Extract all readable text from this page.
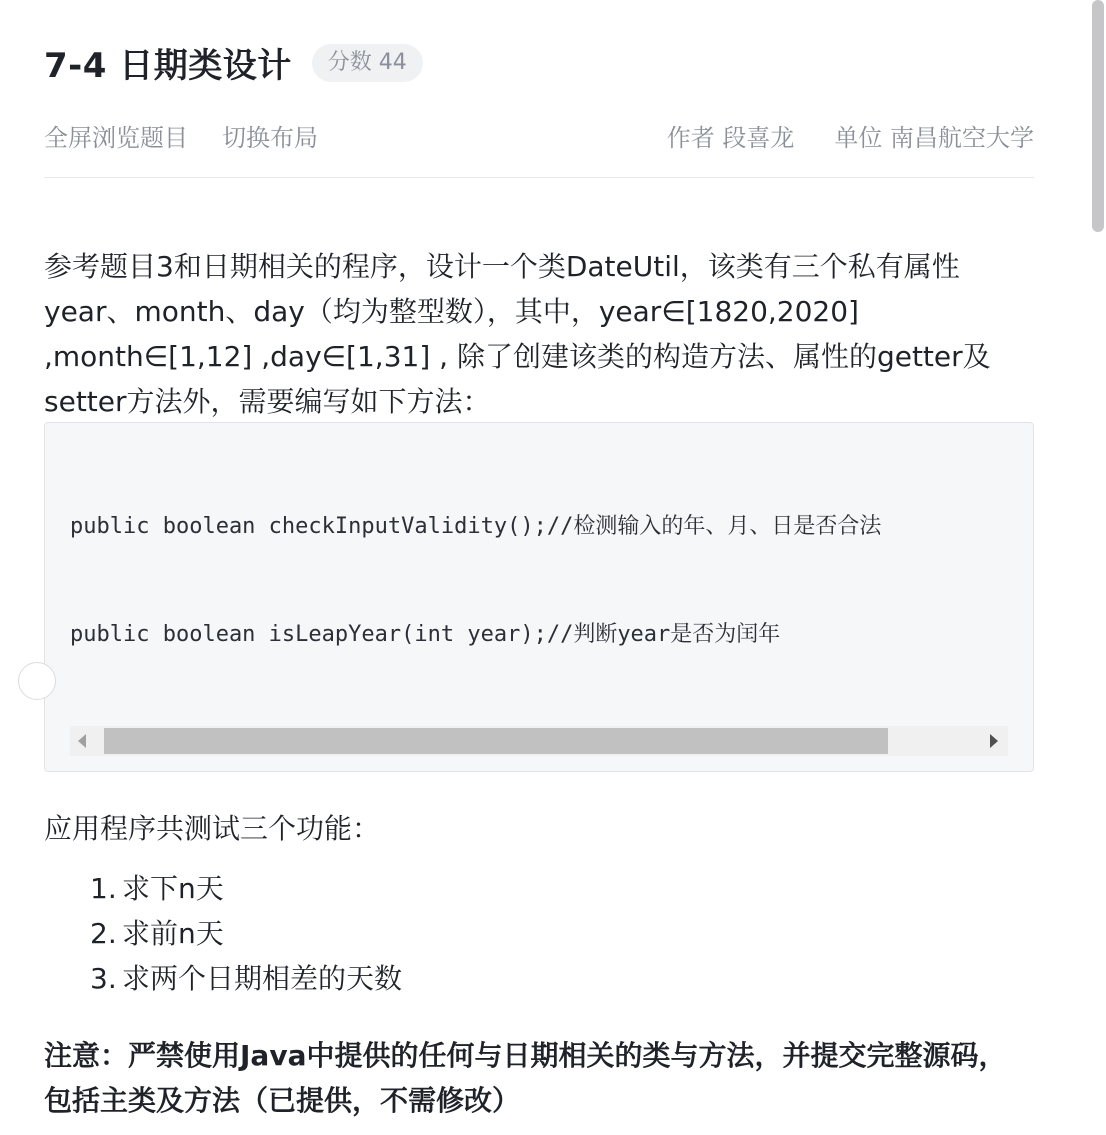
7-4 日期类设计	分数 44
全屏浏览题目 切换布局	作者 段喜龙 单位 南昌航空大学
参考题目3和日期相关的程序，设计一个类DateUtil，该类有三个私有属性year、month、day（均为整型数），其中，year∈[1820,2020] ,month∈[1,12] ,day∈[1,31] , 除了创建该类的构造方法、属性的getter及setter方法外，需要编写如下方法：

public boolean checkInputValidity();//检测输入的年、月、日是否合法

public boolean isLeapYear(int year);//判断year是否为闰年

应用程序共测试三个功能：
1. 求下n天
2. 求前n天
3. 求两个日期相差的天数
注意：严禁使用Java中提供的任何与日期相关的类与方法，并提交完整源码，包括主类及方法（已提供，不需修改）
